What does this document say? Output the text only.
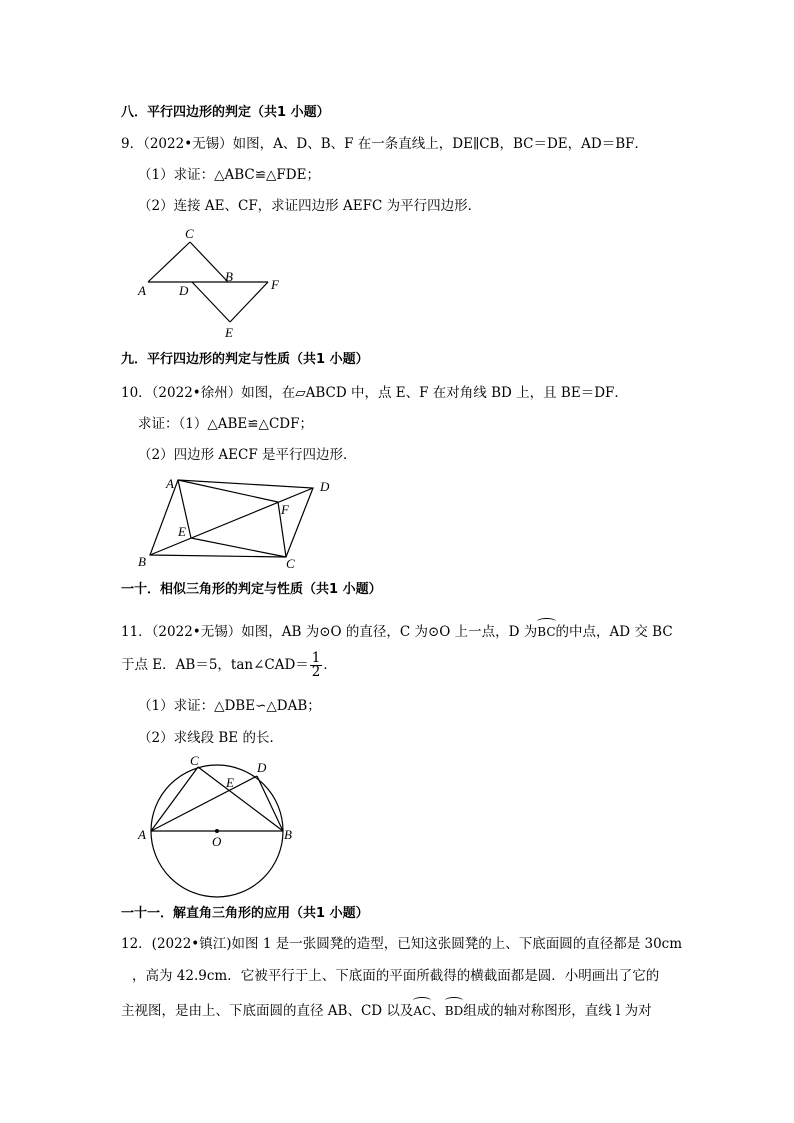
八．平行四边形的判定（共1 小题）
9．（2022•无锡）如图，A、D、B、F 在一条直线上，DE∥CB，BC＝DE，AD＝BF．
（1）求证：△ABC≌△FDE；
（2）连接 AE、CF，求证四边形 AEFC 为平行四边形．
C
A	D
B
F
E
九．平行四边形的判定与性质（共1 小题）
10．（2022•徐州）如图，在▱ABCD 中，点 E、F 在对角线 BD 上，且 BE＝DF．
求证：（1）△ABE≌△CDF；
（2）四边形 AECF 是平行四边形．
A	D
F
E
B	C
一十．相似三角形的判定与性质（共1 小题）
11．（2022•无锡）如图，AB 为⊙O 的直径，C 为⊙O 上一点，D 为BC的中点，AD 交 BC
于点 E．AB＝5，tan∠CAD＝ $\frac{1}{2}$ ．
（1）求证：△DBE∽△DAB；
（2）求线段 BE 的长．
C
E
D
A	O	B
一十一．解直角三角形的应用（共1 小题）
12．(2022•镇江)如图 1 是一张圆凳的造型，已知这张圆凳的上、下底面圆的直径都是 30cm
，高为 42.9cm．它被平行于上、下底面的平面所截得的横截面都是圆．小明画出了它的
主视图，是由上、下底面圆的直径 AB、CD 以及AC、BD组成的轴对称图形，直线 l 为对
